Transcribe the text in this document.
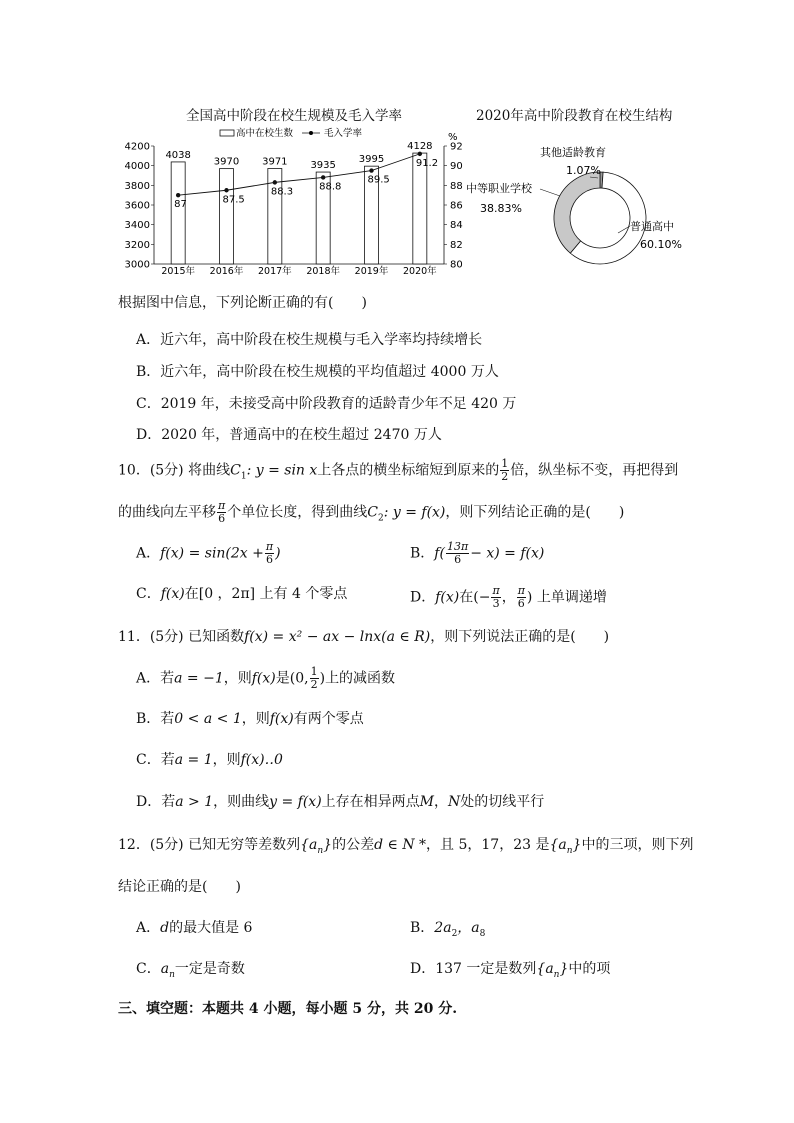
全国高中阶段在校生规模及毛入学率	2020年高中阶段教育在校生结构
高中在校生数	毛入学率
3000
3200
3400
3600
3800
4000
4200
80
82
84
86
88
90
92
%
4038
2015年
3970
2016年
3971
2017年
3935
2018年
3995
2019年
4128
2020年
87	87.5
88.3	88.8
89.5
91.2
其他适龄教育
1.07%
中等职业学校
38.83%
普通高中
60.10%
根据图中信息，下列论断正确的有(　　)
A．近六年，高中阶段在校生规模与毛入学率均持续增长
B．近六年，高中阶段在校生规模的平均值超过 4000 万人
C．2019 年，未接受高中阶段教育的适龄青少年不足 420 万
D．2020 年，普通高中的在校生超过 2470 万人
10．(5分) 将曲线$C_1$: y = sin x上各点的横坐标缩短到原来的 $\frac{1}{2}$ 倍，纵坐标不变，再把得到
的曲线向左平移 $\frac{\pi}{6}$ 个单位长度，得到曲线$C_2$: y = f(x)，则下列结论正确的是(　　)
A．$f(x) = \sin(2x + \frac{\pi}{6}$ )	B．$f( \frac{13\pi}{6} - x) = f(x)$
C．f(x)在[0 ，2π] 上有 4 个零点	D．f(x)在(− $\frac{\pi}{3}$ ， $\frac{\pi}{6}$ ) 上单调递增
11．(5分) 已知函数f(x) = x² − ax − lnx(a ∈ R)，则下列说法正确的是(　　)
A．若a = −1，则f(x)是(0, $\frac{1}{2}$ )上的减函数
B．若0 < a < 1，则f(x)有两个零点
C．若a = 1，则f(x)‥0
D．若a > 1，则曲线y = f(x)上存在相异两点M，N处的切线平行
12．(5分) 已知无穷等差数列$\{a_n\}$的公差d ∈ N *，且 5，17，23 是$\{a_n\}$中的三项，则下列
结论正确的是(　　)
A．d的最大值是 6	B．$2a_2$，$a_8$
C．$a_n$一定是奇数	D．137 一定是数列$\{a_n\}$中的项
三、填空题：本题共 4 小题，每小题 5 分，共 20 分.
